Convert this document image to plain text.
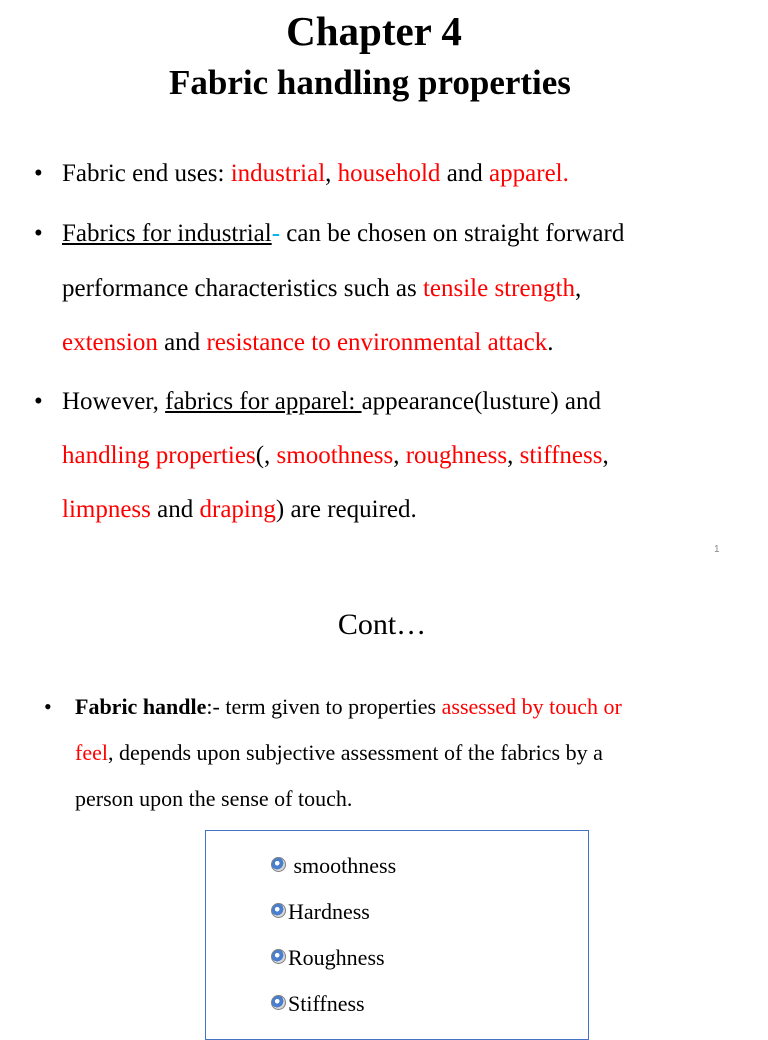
Chapter 4
Fabric handling properties
• Fabric end uses: industrial, household and apparel.
• Fabrics for industrial- can be chosen on straight forward
performance characteristics such as tensile strength,
extension and resistance to environmental attack.
• However, fabrics for apparel: appearance(lusture) and
handling properties(, smoothness, roughness, stiffness,
limpness and draping) are required.
1
Cont…
• Fabric handle:- term given to properties assessed by touch or
feel, depends upon subjective assessment of the fabrics by a
person upon the sense of touch.
smoothness
Hardness
Roughness
Stiffness
